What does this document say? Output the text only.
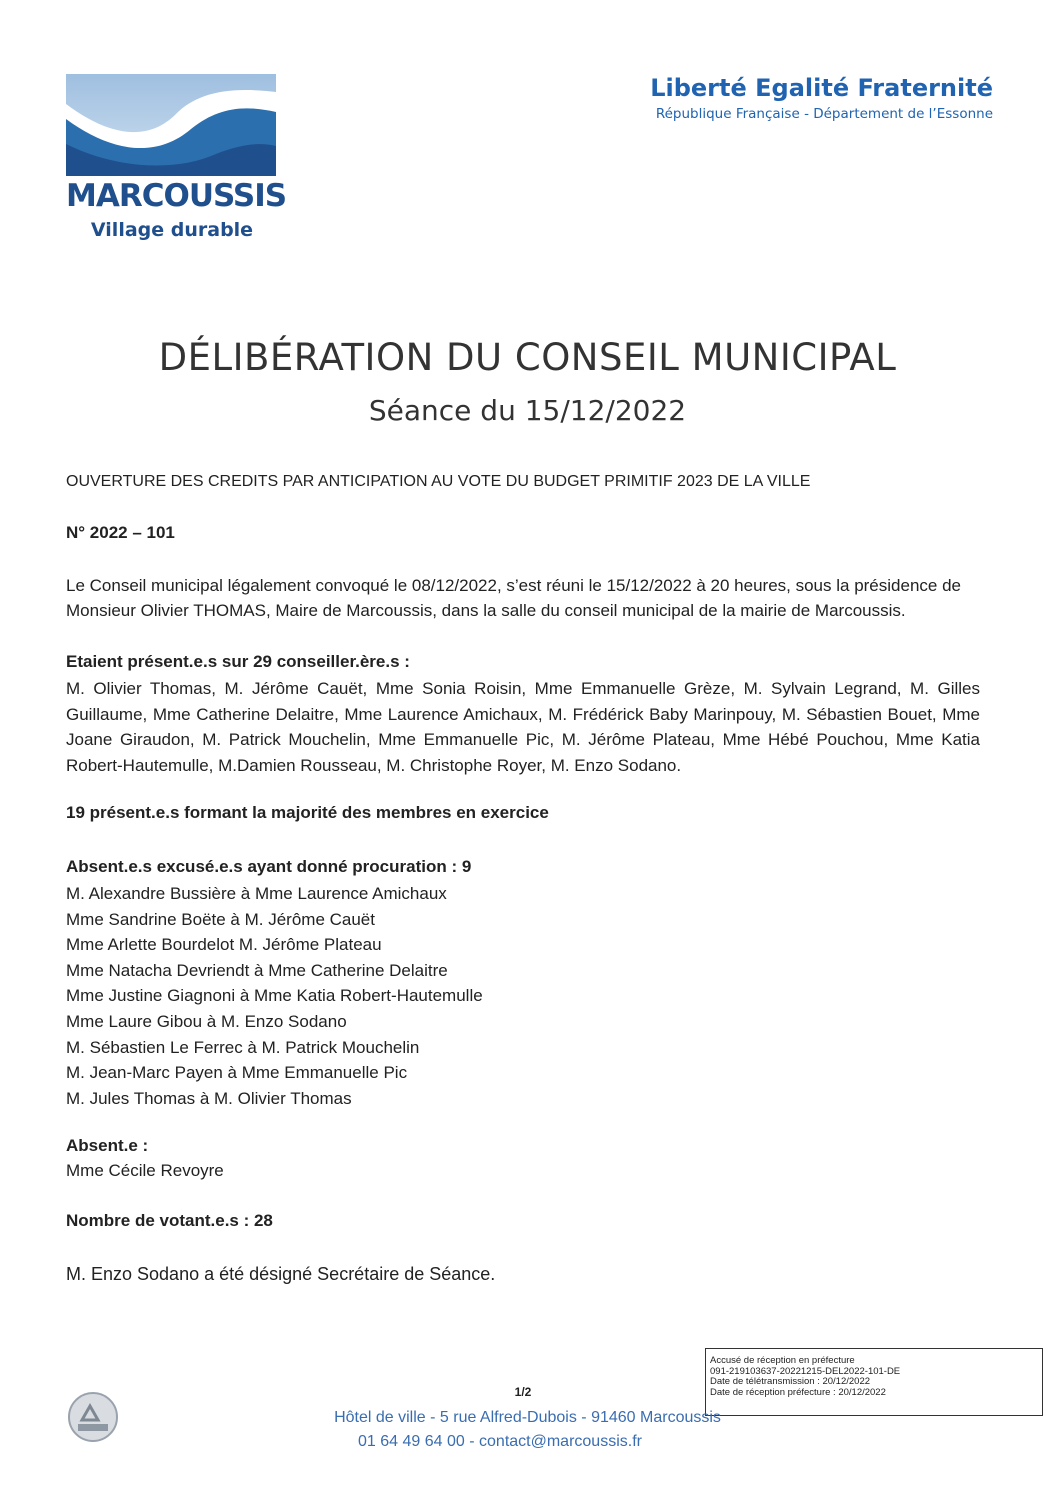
MARCOUSSIS
Village durable
Liberté Egalité Fraternité
République Française - Département de l’Essonne
DÉLIBÉRATION DU CONSEIL MUNICIPAL
Séance du 15/12/2022
OUVERTURE DES CREDITS PAR ANTICIPATION AU VOTE DU BUDGET PRIMITIF 2023 DE LA VILLE
N° 2022 – 101
Le Conseil municipal légalement convoqué le 08/12/2022, s’est réuni le 15/12/2022 à 20 heures, sous la présidence de Monsieur Olivier THOMAS, Maire de Marcoussis, dans la salle du conseil municipal de la mairie de Marcoussis.
Etaient présent.e.s sur 29 conseiller.ère.s :
M. Olivier Thomas, M. Jérôme Cauët, Mme Sonia Roisin, Mme Emmanuelle Grèze, M. Sylvain Legrand, M. Gilles Guillaume, Mme Catherine Delaitre, Mme Laurence Amichaux, M. Frédérick Baby Marinpouy, M. Sébastien Bouet, Mme Joane Giraudon, M. Patrick Mouchelin, Mme Emmanuelle Pic, M. Jérôme Plateau, Mme Hébé Pouchou, Mme Katia Robert-Hautemulle, M.Damien Rousseau, M. Christophe Royer, M. Enzo Sodano.
19 présent.e.s formant la majorité des membres en exercice
Absent.e.s excusé.e.s ayant donné procuration : 9
M. Alexandre Bussière à Mme Laurence Amichaux
Mme Sandrine Boëte à M. Jérôme Cauët
Mme Arlette Bourdelot M. Jérôme Plateau
Mme Natacha Devriendt à Mme Catherine Delaitre
Mme Justine Giagnoni à Mme Katia Robert-Hautemulle
Mme Laure Gibou à M. Enzo Sodano
M. Sébastien Le Ferrec à M. Patrick Mouchelin
M. Jean-Marc Payen à Mme Emmanuelle Pic
M. Jules Thomas à M. Olivier Thomas
Absent.e :
Mme Cécile Revoyre
Nombre de votant.e.s : 28
M. Enzo Sodano a été désigné Secrétaire de Séance.
Accusé de réception en préfecture
091-219103637-20221215-DEL2022-101-DE
Date de télétransmission : 20/12/2022
Date de réception préfecture : 20/12/2022
1/2
Hôtel de ville - 5 rue Alfred-Dubois - 91460 Marcoussis
01 64 49 64 00 - contact@marcoussis.fr
